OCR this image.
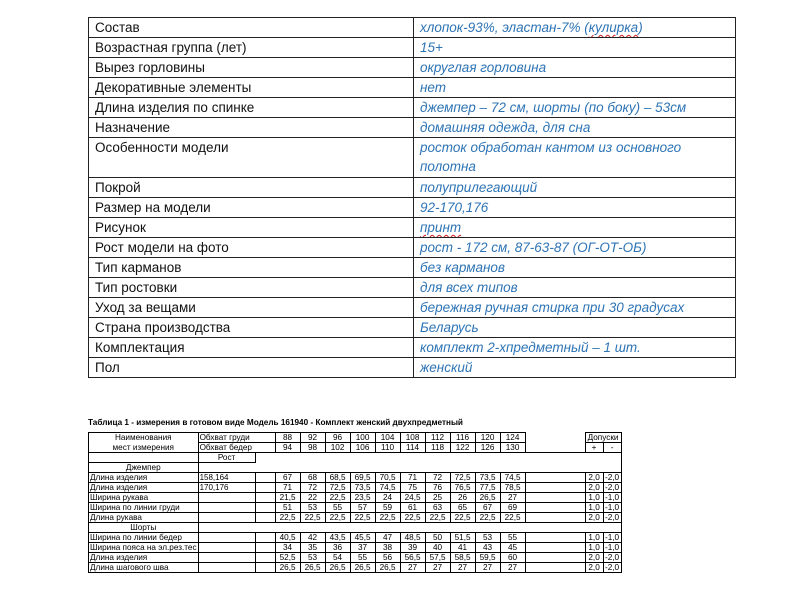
Состав	хлопок-93%, эластан-7% (кулирка)
Возрастная группа (лет)	15+
Вырез горловины	округлая горловина
Декоративные элементы	нет
Длина изделия по спинке	джемпер – 72 см, шорты (по боку) – 53см
Назначение	домашняя одежда, для сна
Особенности модели	росток обработан кантом из основного полотна
Покрой	полуприлегающий
Размер на модели	92-170,176
Рисунок	принт
Рост модели на фото	рост - 172 см, 87-63-87 (ОГ-ОТ-ОБ)
Тип карманов	без карманов
Тип ростовки	для всех типов
Уход за вещами	бережная ручная стирка при 30 градусах
Страна производства	Беларусь
Комплектация	комплект 2-хпредметный – 1 шт.
Пол	женский
Таблица 1 - измерения в готовом виде Модель 161940 - Комплект женский двухпредметный
Наименования	Обхват груди		88	92	96	100	104	108	112	116	120	124		Допуски	
мест измерения	Обхват бедер		94	98	102	106	110	114	118	122	126	130		+	-
	Рост														
Джемпер															
Длина изделия	158,164		67	68	68,5	69,5	70,5	71	72	72,5	73,5	74,5		2,0	-2,0
Длина изделия	170,176		71	72	72,5	73,5	74,5	75	76	76,5	77,5	78,5		2,0	-2,0
Ширина рукава			21,5	22	22,5	23,5	24	24,5	25	26	26,5	27		1,0	-1,0
Ширина по линии груди			51	53	55	57	59	61	63	65	67	69		1,0	-1,0
Длина рукава			22,5	22,5	22,5	22,5	22,5	22,5	22,5	22,5	22,5	22,5		2,0	-2,0
Шорты															
Ширина по линии бедер			40,5	42	43,5	45,5	47	48,5	50	51,5	53	55		1,0	-1,0
Ширина пояса на эл.рез.тес			34	35	36	37	38	39	40	41	43	45		1,0	-1,0
Длина изделия			52,5	53	54	55	56	56,5	57,5	58,5	59,5	60		2,0	-2,0
Длина шагового шва			26,5	26,5	26,5	26,5	26,5	27	27	27	27	27		2,0	-2,0
